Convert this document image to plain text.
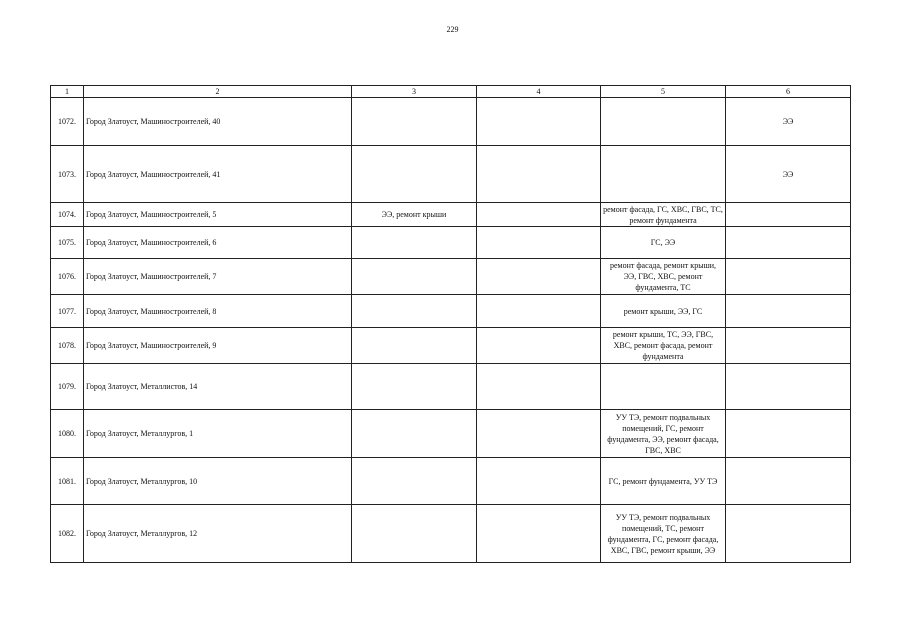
229
1	2	3	4	5	6
1072.	Город Златоуст, Машиностроителей, 40				ЭЭ
1073.	Город Златоуст, Машиностроителей, 41				ЭЭ
1074.	Город Златоуст, Машиностроителей, 5	ЭЭ, ремонт крыши		ремонт фасада, ГС, ХВС, ГВС, ТС, ремонт фундамента	
1075.	Город Златоуст, Машиностроителей, 6			ГС, ЭЭ	
1076.	Город Златоуст, Машиностроителей, 7			ремонт фасада, ремонт крыши, ЭЭ, ГВС, ХВС, ремонт фундамента, ТС	
1077.	Город Златоуст, Машиностроителей, 8			ремонт крыши, ЭЭ, ГС	
1078.	Город Златоуст, Машиностроителей, 9			ремонт крыши, ТС, ЭЭ, ГВС, ХВС, ремонт фасада, ремонт фундамента	
1079.	Город Златоуст, Металлистов, 14				
1080.	Город Златоуст, Металлургов, 1			УУ ТЭ, ремонт подвальных помещений, ГС, ремонт фундамента, ЭЭ, ремонт фасада, ГВС, ХВС	
1081.	Город Златоуст, Металлургов, 10			ГС, ремонт фундамента, УУ ТЭ	
1082.	Город Златоуст, Металлургов, 12			УУ ТЭ, ремонт подвальных помещений, ТС, ремонт фундамента, ГС, ремонт фасада, ХВС, ГВС, ремонт крыши, ЭЭ	
